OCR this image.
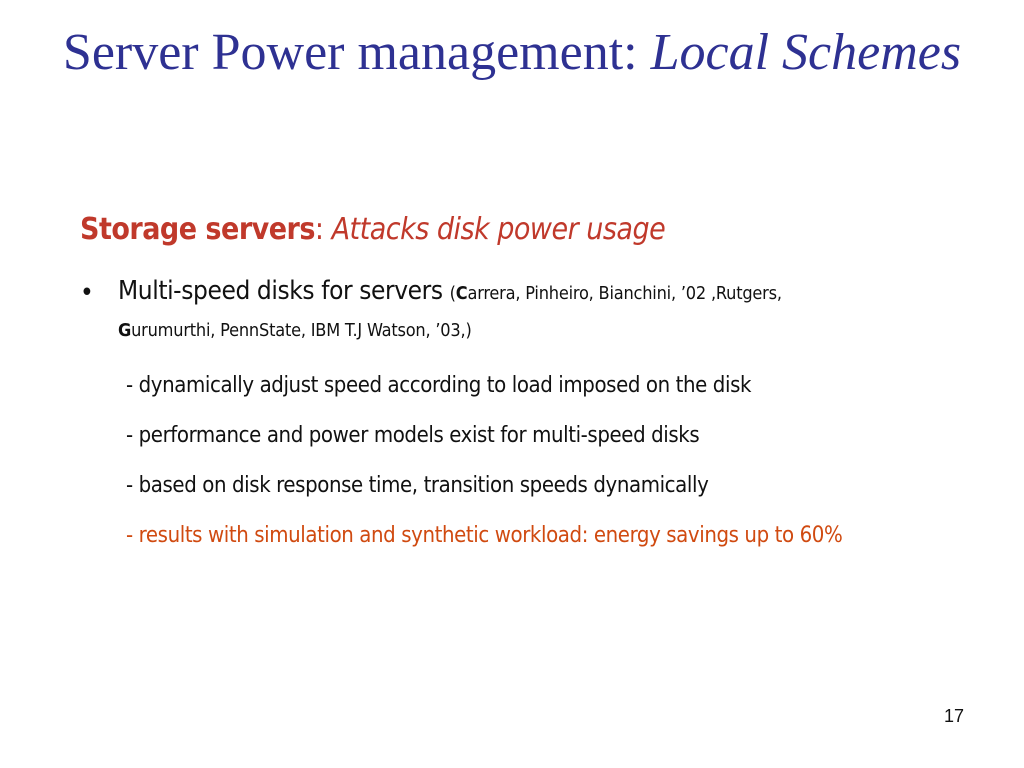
Server Power management: Local Schemes
Storage servers: Attacks disk power usage
• Multi-speed disks for servers (Carrera, Pinheiro, Bianchini, ’02 ,Rutgers,
Gurumurthi, PennState, IBM T.J Watson, ’03,)
- dynamically adjust speed according to load imposed on the disk
- performance and power models exist for multi-speed disks
- based on disk response time, transition speeds dynamically
- results with simulation and synthetic workload: energy savings up to 60%
17
